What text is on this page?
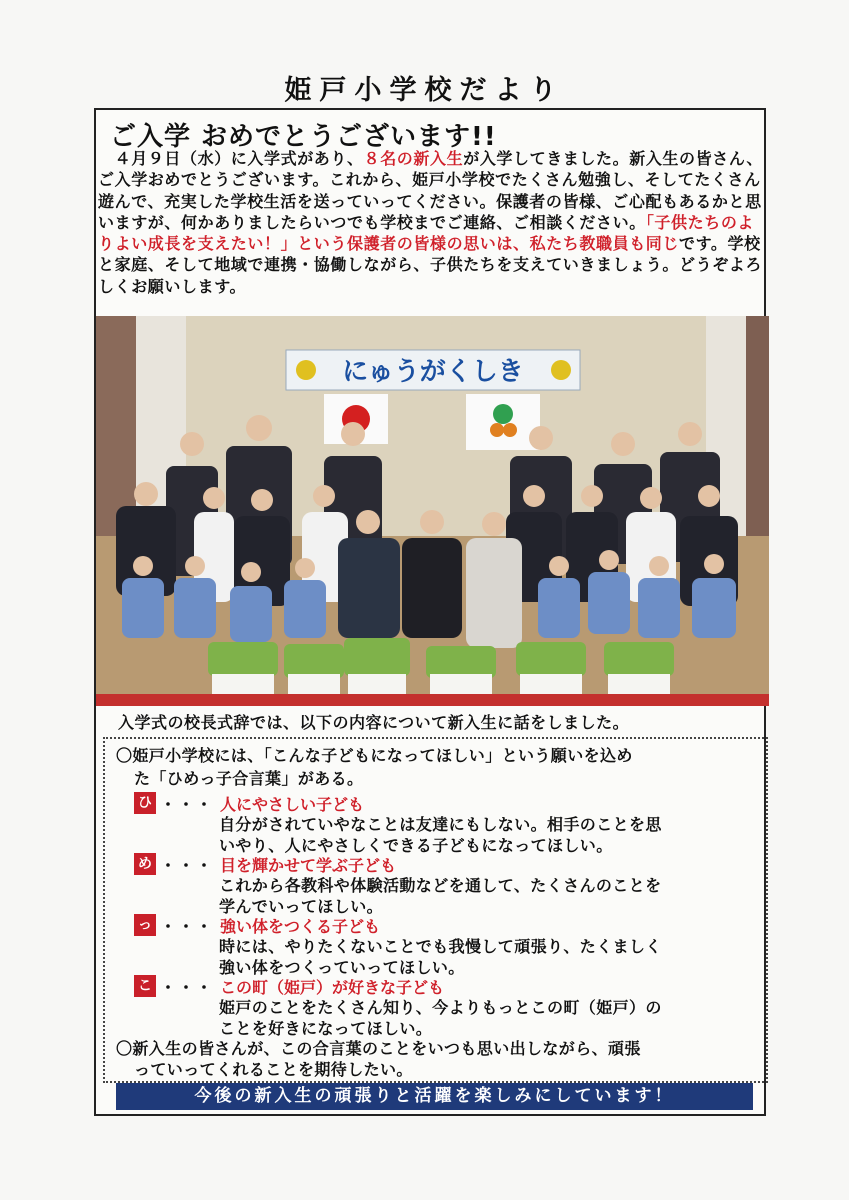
姫戸小学校だより
ご入学 おめでとうございます!!
　４月９日（水）に入学式があり、８名の新入生が入学してきました。新入生の皆さん、ご入学おめでとうございます。これから、姫戸小学校でたくさん勉強し、そしてたくさん遊んで、充実した学校生活を送っていってください。保護者の皆様、ご心配もあるかと思いますが、何かありましたらいつでも学校までご連絡、ご相談ください。「子供たちのよりよい成長を支えたい！」という保護者の皆様の思いは、私たち教職員も同じです。学校と家庭、そして地域で連携・協働しながら、子供たちを支えていきましょう。どうぞよろしくお願いします。
にゅうがくしき
入学式の校長式辞では、以下の内容について新入生に話をしました。
〇姫戸小学校には、「こんな子どもになってほしい」という願いを込め
た「ひめっ子合言葉」がある。
ひ ・・・ 人にやさしい子ども
自分がされていやなことは友達にもしない。相手のことを思
いやり、人にやさしくできる子どもになってほしい。
め ・・・ 目を輝かせて学ぶ子ども
これから各教科や体験活動などを通して、たくさんのことを
学んでいってほしい。
っ ・・・ 強い体をつくる子ども
時には、やりたくないことでも我慢して頑張り、たくましく
強い体をつくっていってほしい。
こ ・・・ この町（姫戸）が好きな子ども
姫戸のことをたくさん知り、今よりもっとこの町（姫戸）の
ことを好きになってほしい。
〇新入生の皆さんが、この合言葉のことをいつも思い出しながら、頑張
っていってくれることを期待したい。
今後の新入生の頑張りと活躍を楽しみにしています！
